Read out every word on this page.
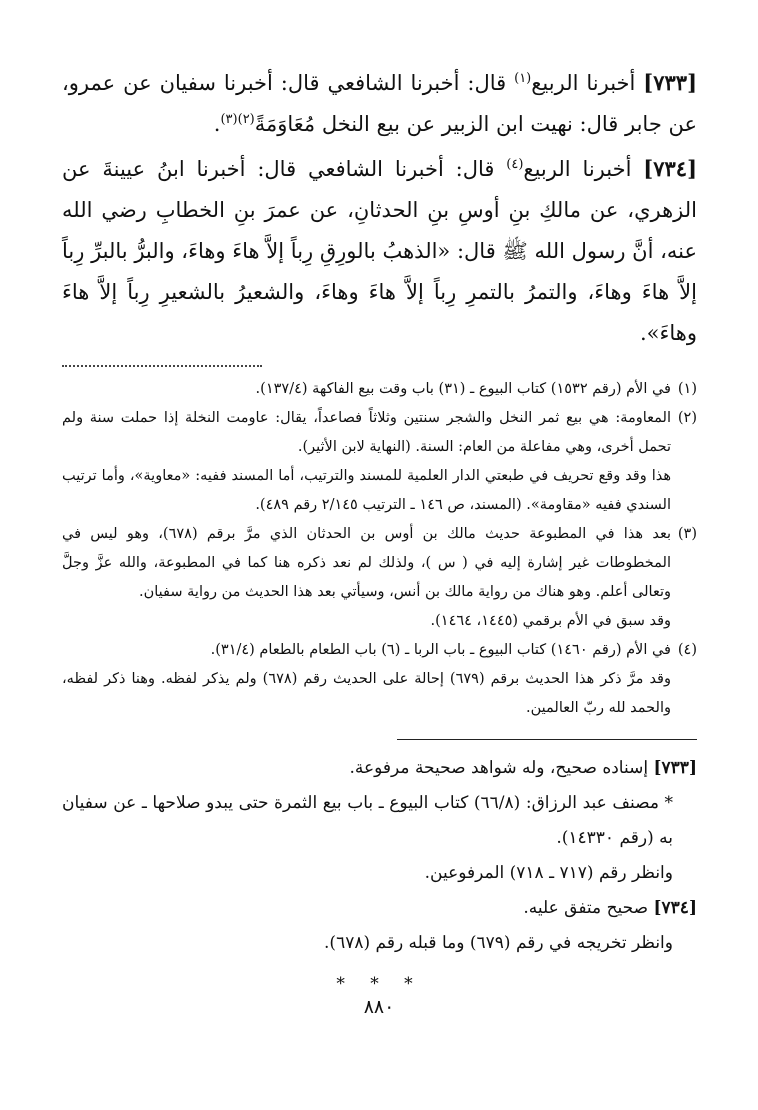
[٧٣٣] أخبرنا الربيع$^{(١)}$ قال: أخبرنا الشافعي قال: أخبرنا سفيان عن عمرو، عن جابر قال: نهيت ابن الزبير عن بيع النخل مُعَاوَمَةً$^{(٢)(٣)}$.

[٧٣٤] أخبرنا الربيع$^{(٤)}$ قال: أخبرنا الشافعي قال: أخبرنا ابنُ عيينةَ عن الزهري، عن مالكِ بنِ أوسِ بنِ الحدثانِ، عن عمرَ بنِ الخطابِ رضي الله عنه، أنَّ رسول الله ﷺ قال: «الذهبُ بالورِقِ رِباً إلاَّ هاءَ وهاءَ، والبرُّ بالبرِّ رِباً إلاَّ هاءَ وهاءَ، والتمرُ بالتمرِ رِباً إلاَّ هاءَ وهاءَ، والشعيرُ بالشعيرِ رِباً إلاَّ هاءَ وهاءَ».

(١)

في الأم (رقم ١٥٣٢) كتاب البيوع ـ (٣١) باب وقت بيع الفاكهة (١٣٧/٤).

(٢)

المعاومة: هي بيع ثمر النخل والشجر سنتين وثلاثاً فصاعداً، يقال: عاومت النخلة إذا حملت سنة ولم تحمل أخرى، وهي مفاعلة من العام: السنة. (النهاية لابن الأثير).

هذا وقد وقع تحريف في طبعتي الدار العلمية للمسند والترتيب، أما المسند ففيه: «معاوية»، وأما ترتيب السندي ففيه «مقاومة». (المسند، ص ١٤٦ ـ الترتيب ٢/١٤٥ رقم ٤٨٩).

(٣)

بعد هذا في المطبوعة حديث مالك بن أوس بن الحدثان الذي مرَّ برقم (٦٧٨)، وهو ليس في المخطوطات غير إشارة إليه في ( س )، ولذلك لم نعد ذكره هنا كما في المطبوعة، والله عزَّ وجلَّ وتعالى أعلم. وهو هناك من رواية مالك بن أنس، وسيأتي بعد هذا الحديث من رواية سفيان.

وقد سبق في الأم برقمي (١٤٤٥، ١٤٦٤).

(٤)

في الأم (رقم ١٤٦٠) كتاب البيوع ـ باب الربا ـ (٦) باب الطعام بالطعام (٣١/٤).

وقد مرَّ ذكر هذا الحديث برقم (٦٧٩) إحالة على الحديث رقم (٦٧٨) ولم يذكر لفظه. وهنا ذكر لفظه، والحمد لله ربّ العالمين.

[٧٣٣] إسناده صحيح، وله شواهد صحيحة مرفوعة.

* مصنف عبد الرزاق: (٦٦/٨) كتاب البيوع ـ باب بيع الثمرة حتى يبدو صلاحها ـ عن سفيان به (رقم ١٤٣٣٠).

وانظر رقم (٧١٧ ـ ٧١٨) المرفوعين.

[٧٣٤] صحيح متفق عليه.

وانظر تخريجه في رقم (٦٧٩) وما قبله رقم (٦٧٨).

* * *
٨٨٠
